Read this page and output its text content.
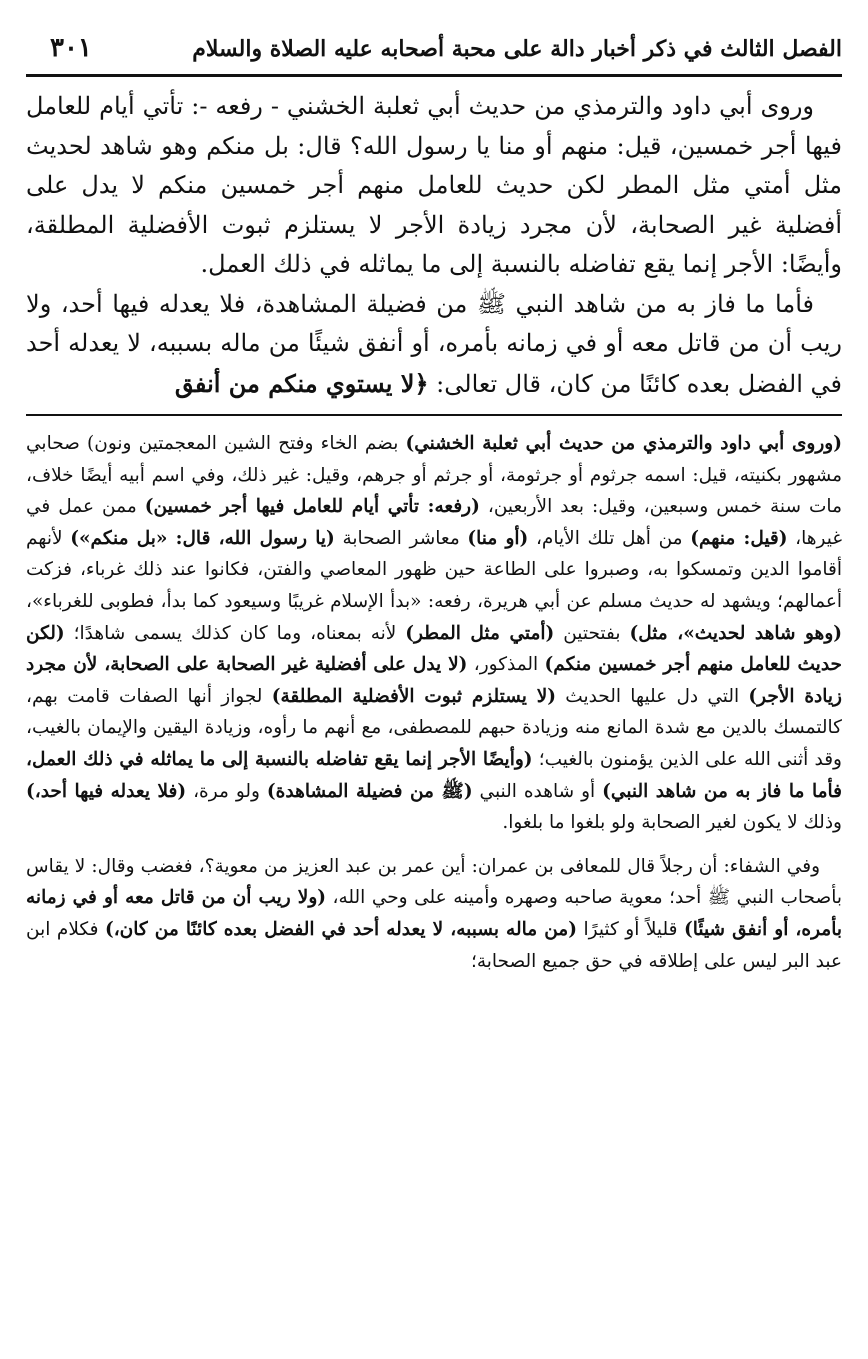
الفصل الثالث في ذكر أخبار دالة على محبة أصحابه عليه الصلاة والسلام
٣٠١

وروى أبي داود والترمذي من حديث أبي ثعلبة الخشني - رفعه -: تأتي أيام للعامل فيها أجر خمسين، قيل: منهم أو منا يا رسول الله؟ قال: بل منكم وهو شاهد لحديث مثل أمتي مثل المطر لكن حديث للعامل منهم أجر خمسين منكم لا يدل على أفضلية غير الصحابة، لأن مجرد زيادة الأجر لا يستلزم ثبوت الأفضلية المطلقة، وأيضًا: الأجر إنما يقع تفاضله بالنسبة إلى ما يماثله في ذلك العمل.

فأما ما فاز به من شاهد النبي ﷺ من فضيلة المشاهدة، فلا يعدله فيها أحد، ولا ريب أن من قاتل معه أو في زمانه بأمره، أو أنفق شيئًا من ماله بسببه، لا يعدله أحد في الفضل بعده كائنًا من كان، قال تعالى: ﴿لا يستوي منكم من أنفق

(وروى أبي داود والترمذي من حديث أبي ثعلبة الخشني) بضم الخاء وفتح الشين المعجمتين ونون) صحابي مشهور بكنيته، قيل: اسمه جرثوم أو جرثومة، أو جرثم أو جرهم، وقيل: غير ذلك، وفي اسم أبيه أيضًا خلاف، مات سنة خمس وسبعين، وقيل: بعد الأربعين، (رفعه: تأتي أيام للعامل فيها أجر خمسين) ممن عمل في غيرها، (قيل: منهم) من أهل تلك الأيام، (أو منا) معاشر الصحابة (يا رسول الله، قال: «بل منكم») لأنهم أقاموا الدين وتمسكوا به، وصبروا على الطاعة حين ظهور المعاصي والفتن، فكانوا عند ذلك غرباء، فزكت أعمالهم؛ ويشهد له حديث مسلم عن أبي هريرة، رفعه: «بدأ الإسلام غريبًا وسيعود كما بدأ، فطوبى للغرباء»، (وهو شاهد لحديث»، مثل) بفتحتين (أمتي مثل المطر) لأنه بمعناه، وما كان كذلك يسمى شاهدًا؛ (لكن حديث للعامل منهم أجر خمسين منكم) المذكور، (لا يدل على أفضلية غير الصحابة على الصحابة، لأن مجرد زيادة الأجر) التي دل عليها الحديث (لا يستلزم ثبوت الأفضلية المطلقة) لجواز أنها الصفات قامت بهم، كالتمسك بالدين مع شدة المانع منه وزيادة حبهم للمصطفى، مع أنهم ما رأوه، وزيادة اليقين والإيمان بالغيب، وقد أثنى الله على الذين يؤمنون بالغيب؛ (وأيضًا الأجر إنما يقع تفاضله بالنسبة إلى ما يماثله في ذلك العمل، فأما ما فاز به من شاهد النبي) أو شاهده النبي (ﷺ من فضيلة المشاهدة) ولو مرة، (فلا يعدله فيها أحد،) وذلك لا يكون لغير الصحابة ولو بلغوا ما بلغوا.

وفي الشفاء: أن رجلاً قال للمعافى بن عمران: أين عمر بن عبد العزيز من معوية؟، فغضب وقال: لا يقاس بأصحاب النبي ﷺ أحد؛ معوية صاحبه وصهره وأمينه على وحي الله، (ولا ريب أن من قاتل معه أو في زمانه بأمره، أو أنفق شيئًا) قليلاً أو كثيرًا (من ماله بسببه، لا يعدله أحد في الفضل بعده كائنًا من كان،) فكلام ابن عبد البر ليس على إطلاقه في حق جميع الصحابة؛
